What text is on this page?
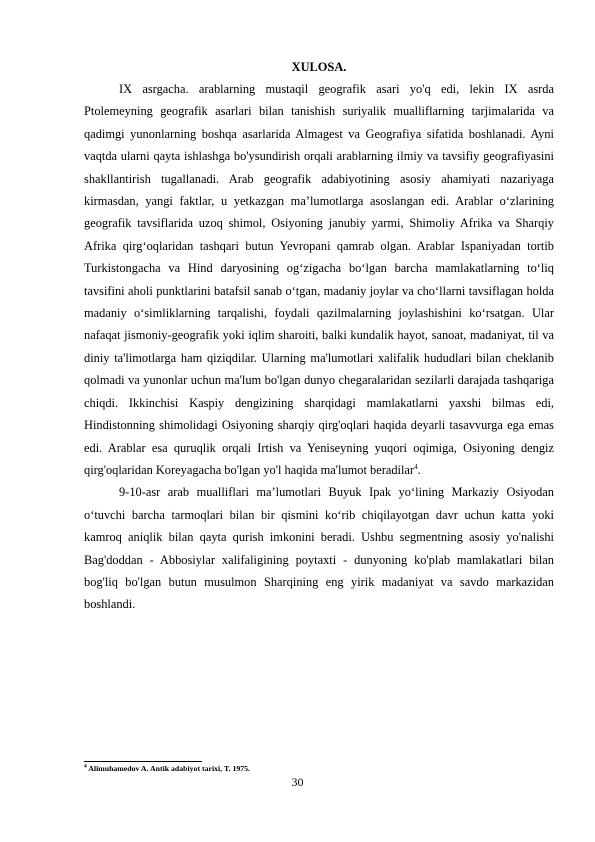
XULOSA.

IX asrgacha. arablarning mustaqil geografik asari yo'q edi, lekin IX asrda Ptolemeyning geografik asarlari bilan tanishish suriyalik mualliflarning tarjimalarida va qadimgi yunonlarning boshqa asarlarida Almagest va Geografiya sifatida boshlanadi. Ayni vaqtda ularni qayta ishlashga bo'ysundirish orqali arablarning ilmiy va tavsifiy geografiyasini shakllantirish tugallanadi. Arab geografik adabiyotining asosiy ahamiyati nazariyaga kirmasdan, yangi faktlar, u yetkazgan maʼlumotlarga asoslangan edi. Arablar oʻzlarining geografik tavsiflarida uzoq shimol, Osiyoning janubiy yarmi, Shimoliy Afrika va Sharqiy Afrika qirgʻoqlaridan tashqari butun Yevropani qamrab olgan. Arablar Ispaniyadan tortib Turkistongacha va Hind daryosining ogʻzigacha boʻlgan barcha mamlakatlarning toʻliq tavsifini aholi punktlarini batafsil sanab oʻtgan, madaniy joylar va choʻllarni tavsiflagan holda madaniy oʻsimliklarning tarqalishi, foydali qazilmalarning joylashishini koʻrsatgan. Ular nafaqat jismoniy-geografik yoki iqlim sharoiti, balki kundalik hayot, sanoat, madaniyat, til va diniy ta'limotlarga ham qiziqdilar. Ularning ma'lumotlari xalifalik hududlari bilan cheklanib qolmadi va yunonlar uchun ma'lum bo'lgan dunyo chegaralaridan sezilarli darajada tashqariga chiqdi. Ikkinchisi Kaspiy dengizining sharqidagi mamlakatlarni yaxshi bilmas edi, Hindistonning shimolidagi Osiyoning sharqiy qirg'oqlari haqida deyarli tasavvurga ega emas edi. Arablar esa quruqlik orqali Irtish va Yeniseyning yuqori oqimiga, Osiyoning dengiz qirg'oqlaridan Koreyagacha bo'lgan yo'l haqida ma'lumot beradilar$^4$.

9-10-asr arab mualliflari maʼlumotlari Buyuk Ipak yoʻlining Markaziy Osiyodan oʻtuvchi barcha tarmoqlari bilan bir qismini koʻrib chiqilayotgan davr uchun katta yoki kamroq aniqlik bilan qayta qurish imkonini beradi. Ushbu segmentning asosiy yo'nalishi Bag'doddan - Abbosiylar xalifaligining poytaxti - dunyoning ko'plab mamlakatlari bilan bog'liq bo'lgan butun musulmon Sharqining eng yirik madaniyat va savdo markazidan boshlandi.

$^4$ Alimuhamedov A. Antik adabiyot tarixi, T. 1975.
30
